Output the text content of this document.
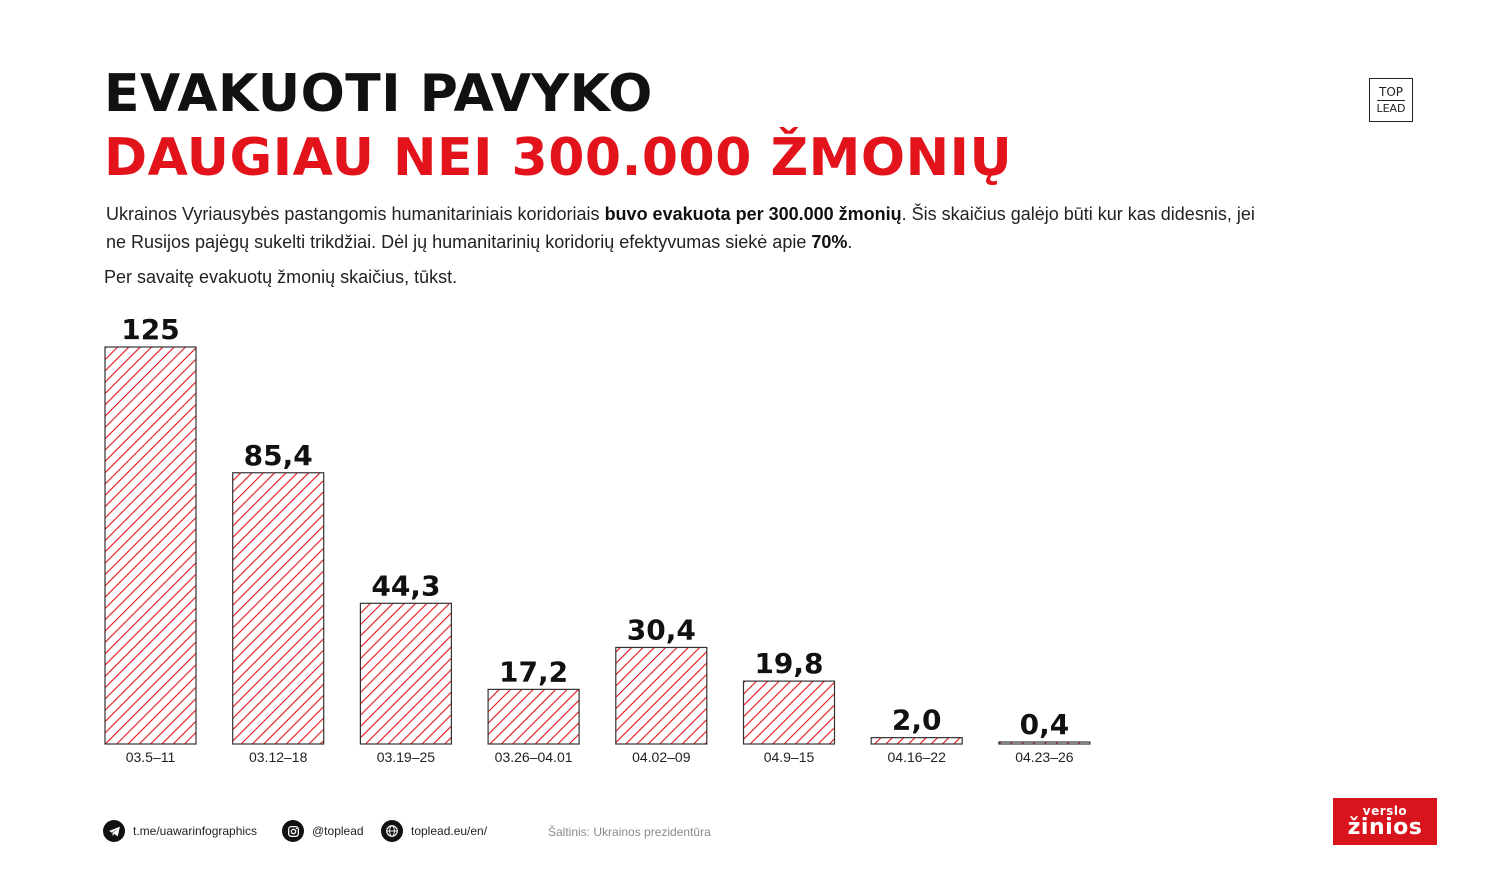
EVAKUOTI PAVYKO
DAUGIAU NEI 300.000 ŽMONIŲ

Ukrainos Vyriausybės pastangomis humanitariniais koridoriais buvo evakuota per 300.000 žmonių. Šis skaičius galėjo būti kur kas didesnis, jei ne Rusijos pajėgų sukelti trikdžiai. Dėl jų humanitarinių koridorių efektyvumas siekė apie 70%.

Per savaitę evakuotų žmonių skaičius, tūkst.

TOP
LEAD
125
03.5–11
85,4
03.12–18
44,3
03.19–25
17,2
03.26–04.01
30,4
04.02–09
19,8
04.9–15
2,0
04.16–22
0,4
04.23–26
t.me/uawarinfographics	@toplead	toplead.eu/en/	Šaltinis: Ukrainos prezidentūra
verslo
žinios
